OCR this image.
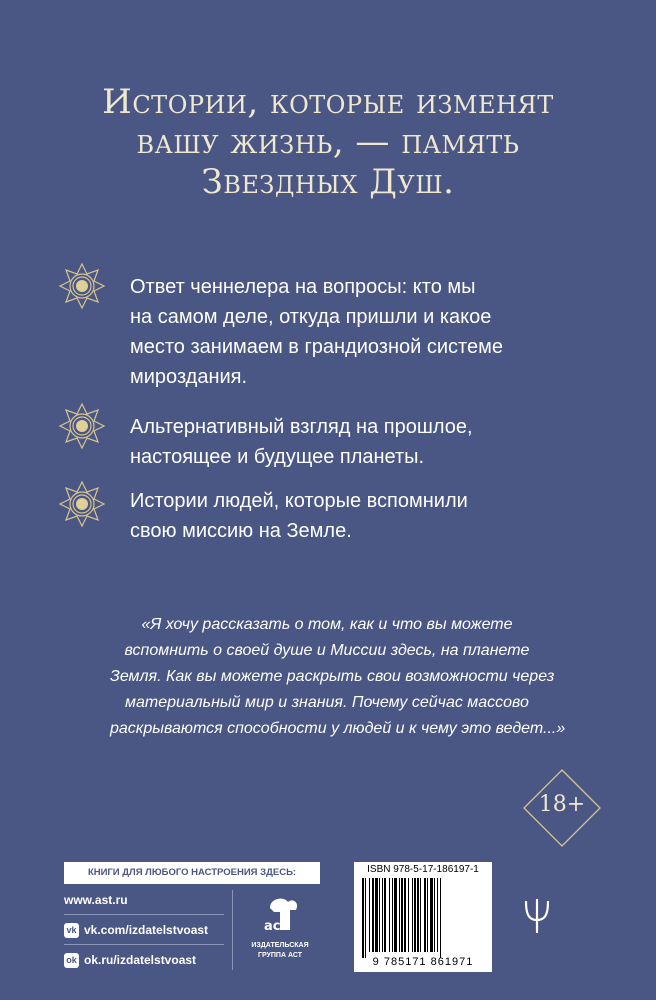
Истории, которые изменят
вашу жизнь, — память
Звездных Душ.
Ответ ченнелера на вопросы: кто мы
на самом деле, откуда пришли и какое
место занимаем в грандиозной системе
мироздания.
Альтернативный взгляд на прошлое,
настоящее и будущее планеты.
Истории людей, которые вспомнили
свою миссию на Земле.
«Я хочу рассказать о том, как и что вы можете
вспомнить о своей душе и Миссии здесь, на планете
Земля. Как вы можете раскрыть свои возможности через
материальный мир и знания. Почему сейчас массово
раскрываются способности у людей и к чему это ведет...»
18+
КНИГИ ДЛЯ ЛЮБОГО НАСТРОЕНИЯ ЗДЕСЬ:
www.ast.ru
vk vk.com/izdatelstvoast
ok ok.ru/izdatelstvoast
аст
ИЗДАТЕЛЬСКАЯ
ГРУППА АСТ
ISBN 978-5-17-186197-1
9 785171 861971
